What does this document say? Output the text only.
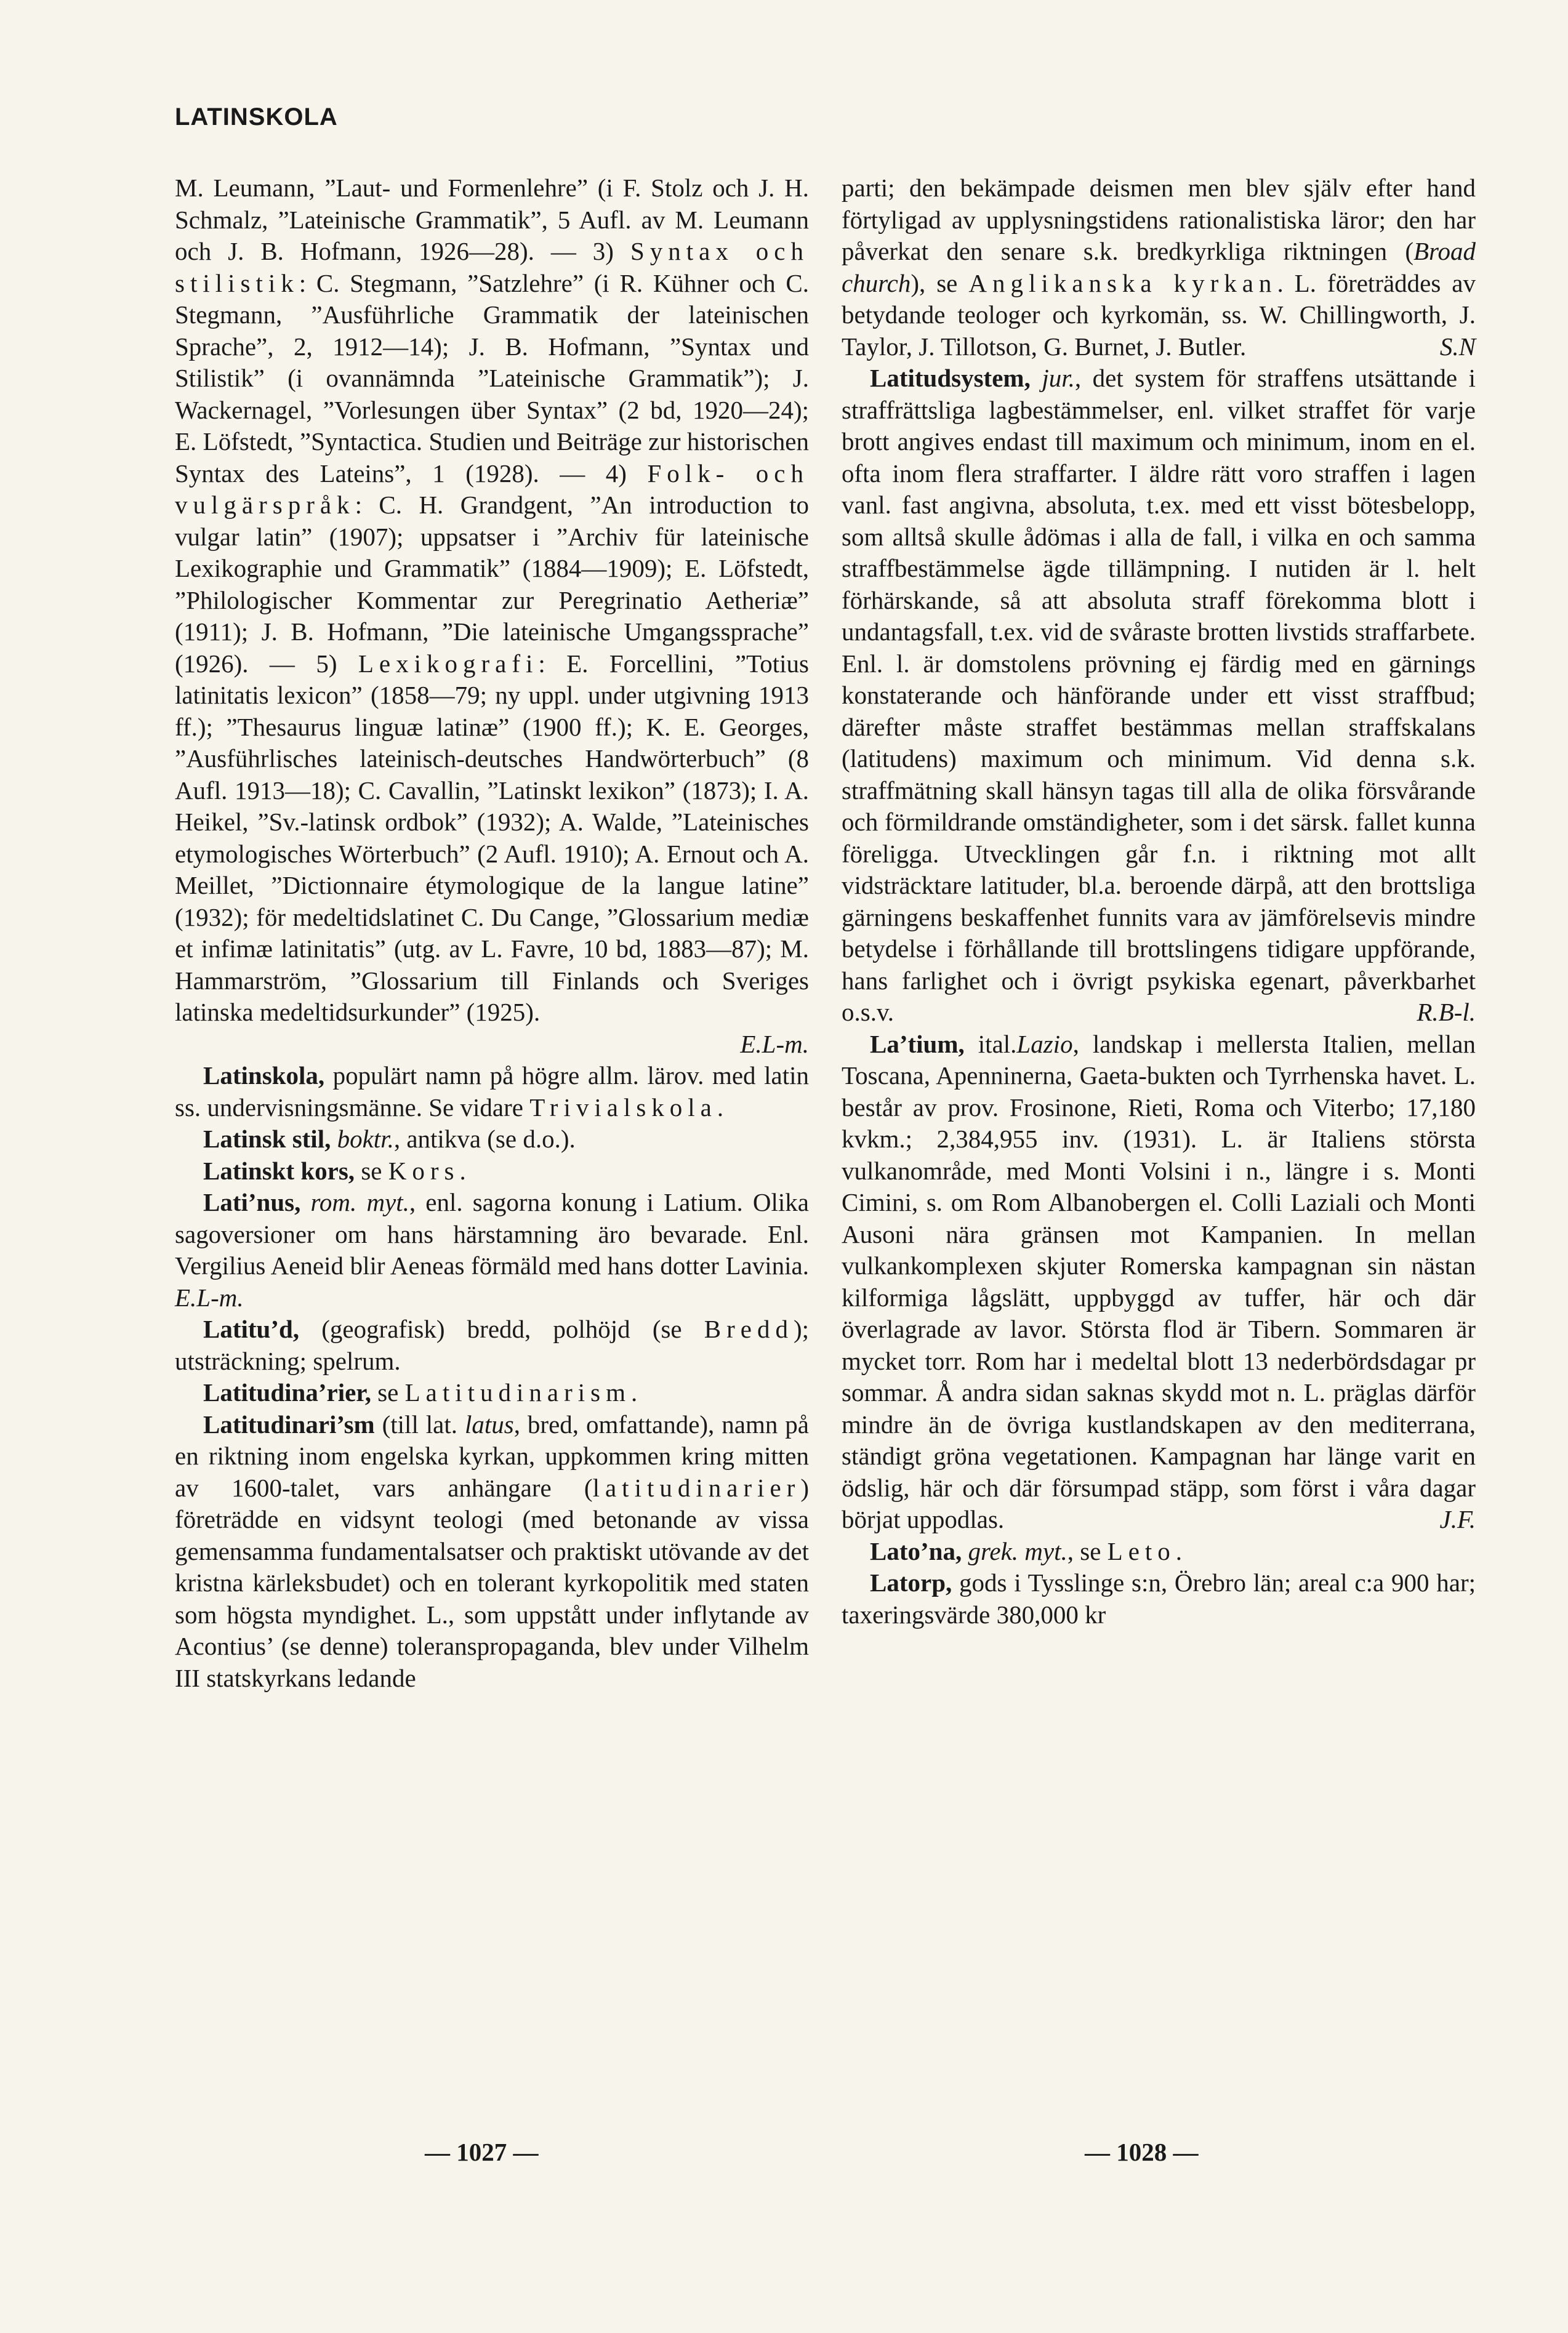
LATINSKOLA

M. Leumann, ”Laut- und Formenlehre” (i F. Stolz och J. H. Schmalz, ”Lateinische Grammatik”, 5 Aufl. av M. Leumann och J. B. Hofmann, 1926—28). — 3) Syntax och stilistik: C. Stegmann, ”Satzlehre” (i R. Kühner och C. Stegmann, ”Ausführliche Grammatik der lateinischen Sprache”, 2, 1912—14); J. B. Hofmann, ”Syntax und Stilistik” (i ovannämnda ”Lateinische Grammatik”); J. Wackernagel, ”Vorlesungen über Syntax” (2 bd, 1920—24); E. Löfstedt, ”Syntactica. Studien und Beiträge zur historischen Syntax des Lateins”, 1 (1928). — 4) Folk- och vulgärspråk: C. H. Grandgent, ”An introduction to vulgar latin” (1907); uppsatser i ”Archiv für lateinische Lexikographie und Grammatik” (1884—1909); E. Löfstedt, ”Philologischer Kommentar zur Peregrinatio Aetheriæ” (1911); J. B. Hofmann, ”Die lateinische Umgangssprache” (1926). — 5) Lexikografi: E. Forcellini, ”Totius latinitatis lexicon” (1858—79; ny uppl. under utgivning 1913 ff.); ”Thesaurus linguæ latinæ” (1900 ff.); K. E. Georges, ”Ausführlisches lateinisch-deutsches Handwörterbuch” (8 Aufl. 1913—18); C. Cavallin, ”Latinskt lexikon” (1873); I. A. Heikel, ”Sv.-latinsk ordbok” (1932); A. Walde, ”Lateinisches etymologisches Wörterbuch” (2 Aufl. 1910); A. Ernout och A. Meillet, ”Dictionnaire étymologique de la langue latine” (1932); för medeltidslatinet C. Du Cange, ”Glossarium mediæ et infimæ latinitatis” (utg. av L. Favre, 10 bd, 1883—87); M. Hammarström, ”Glossarium till Finlands och Sveriges latinska medeltidsurkunder” (1925).
E.L-m.

Latinskola, populärt namn på högre allm. lärov. med latin ss. undervisningsmänne. Se vidare Trivialskola.

Latinsk stil, boktr., antikva (se d.o.).

Latinskt kors, se Kors.

Lati’nus, rom. myt., enl. sagorna konung i Latium. Olika sagoversioner om hans härstamning äro bevarade. Enl. Vergilius Aeneid blir Aeneas förmäld med hans dotter Lavinia. E.L-m.

Latitu’d, (geografisk) bredd, polhöjd (se Bredd); utsträckning; spelrum.

Latitudina’rier, se Latitudinarism.

Latitudinari’sm (till lat. latus, bred, omfattande), namn på en riktning inom engelska kyrkan, uppkommen kring mitten av 1600-talet, vars anhängare (latitudinarier) företrädde en vidsynt teologi (med betonande av vissa gemensamma fundamentalsatser och praktiskt utövande av det kristna kärleksbudet) och en tolerant kyrkopolitik med staten som högsta myndighet. L., som uppstått under inflytande av Acontius’ (se denne) toleranspropaganda, blev under Vilhelm III statskyrkans ledande

parti; den bekämpade deismen men blev själv efter hand förtyligad av upplysningstidens rationalistiska läror; den har påverkat den senare s.k. bredkyrkliga riktningen (Broad church), se Anglikanska kyrkan. L. företräddes av betydande teologer och kyrkomän, ss. W. Chillingworth, J. Taylor, J. Tillotson, G. Burnet, J. Butler.	S.N

Latitudsystem, jur., det system för straffens utsättande i straffrättsliga lagbestämmelser, enl. vilket straffet för varje brott angives endast till maximum och minimum, inom en el. ofta inom flera straffarter. I äldre rätt voro straffen i lagen vanl. fast angivna, absoluta, t.ex. med ett visst bötesbelopp, som alltså skulle ådömas i alla de fall, i vilka en och samma straffbestämmelse ägde tillämpning. I nutiden är l. helt förhärskande, så att absoluta straff förekomma blott i undantagsfall, t.ex. vid de svåraste brotten livstids straffarbete. Enl. l. är domstolens prövning ej färdig med en gärnings konstaterande och hänförande under ett visst straffbud; därefter måste straffet bestämmas mellan straffskalans (latitudens) maximum och minimum. Vid denna s.k. straffmätning skall hänsyn tagas till alla de olika försvårande och förmildrande omständigheter, som i det särsk. fallet kunna föreligga. Utvecklingen går f.n. i riktning mot allt vidsträcktare latituder, bl.a. beroende därpå, att den brottsliga gärningens beskaffenhet funnits vara av jämförelsevis mindre betydelse i förhållande till brottslingens tidigare uppförande, hans farlighet och i övrigt psykiska egenart, påverkbarhet o.s.v.	R.B-l.

La’tium, ital.Lazio, landskap i mellersta Italien, mellan Toscana, Apenninerna, Gaeta-bukten och Tyrrhenska havet. L. består av prov. Frosinone, Rieti, Roma och Viterbo; 17,180 kvkm.; 2,384,955 inv. (1931). L. är Italiens största vulkanområde, med Monti Volsini i n., längre i s. Monti Cimini, s. om Rom Albanobergen el. Colli Laziali och Monti Ausoni nära gränsen mot Kampanien. In mellan vulkankomplexen skjuter Romerska kampagnan sin nästan kilformiga lågslätt, uppbyggd av tuffer, här och där överlagrade av lavor. Största flod är Tibern. Sommaren är mycket torr. Rom har i medeltal blott 13 nederbördsdagar pr sommar. Å andra sidan saknas skydd mot n. L. präglas därför mindre än de övriga kustlandskapen av den mediterrana, ständigt gröna vegetationen. Kampagnan har länge varit en ödslig, här och där försumpad stäpp, som först i våra dagar börjat uppodlas.	J.F.

Lato’na, grek. myt., se Leto.

Latorp, gods i Tysslinge s:n, Örebro län; areal c:a 900 har; taxeringsvärde 380,000 kr

— 1027 —	— 1028 —
